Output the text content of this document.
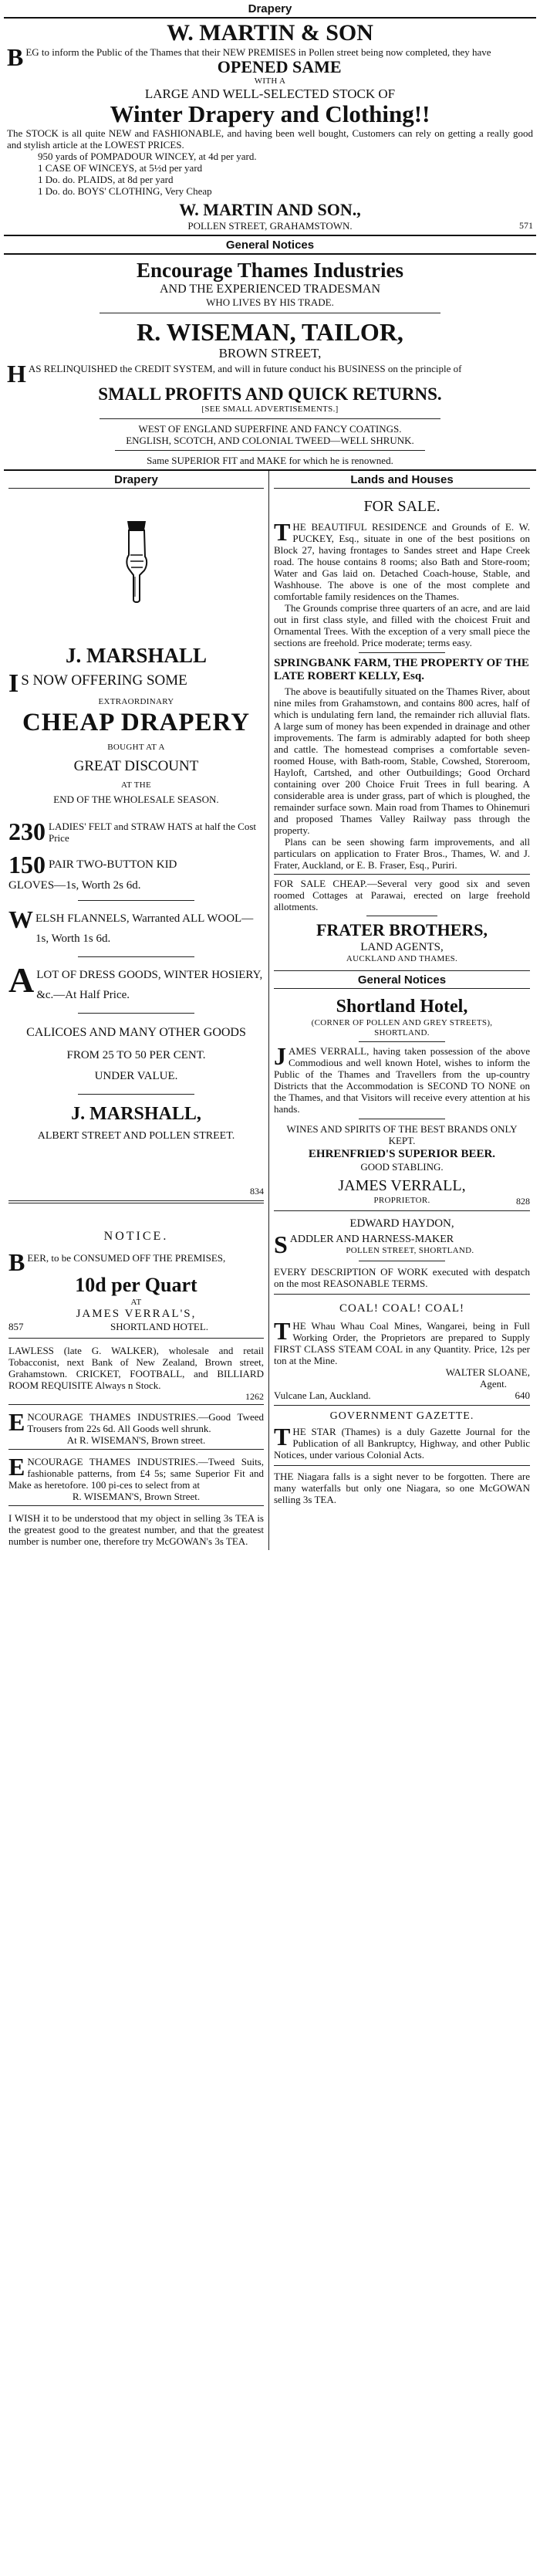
Drapery
W. MARTIN & SON

BEG to inform the Public of the Thames that their NEW PREMISES in Pollen street being now completed, they have

OPENED SAME
WITH A
LARGE AND WELL-SELECTED STOCK OF
Winter Drapery and Clothing!!

The STOCK is all quite NEW and FASHIONABLE, and having been well bought, Customers can rely on getting a really good and stylish article at the LOWEST PRICES.

950 yards of POMPADOUR WINCEY, at 4d per yard.
1 CASE OF WINCEYS, at 5½d per yard
1 Do. do. PLAIDS, at 8d per yard
1 Do. do. BOYS' CLOTHING, Very Cheap
W. MARTIN AND SON.,
POLLEN STREET, GRAHAMSTOWN.	571
General Notices
Encourage Thames Industries
AND THE EXPERIENCED TRADESMAN
WHO LIVES BY HIS TRADE.
R. WISEMAN, TAILOR,
BROWN STREET,

HAS RELINQUISHED the CREDIT SYSTEM, and will in future conduct his BUSINESS on the principle of

SMALL PROFITS AND QUICK RETURNS.
[SEE SMALL ADVERTISEMENTS.]
WEST OF ENGLAND SUPERFINE AND FANCY COATINGS.
ENGLISH, SCOTCH, AND COLONIAL TWEED—WELL SHRUNK.
Same SUPERIOR FIT and MAKE for which he is renowned.
Drapery
J. MARSHALL

I S NOW OFFERING SOME

EXTRAORDINARY
CHEAP DRAPERY
BOUGHT AT A
GREAT DISCOUNT
AT THE
END OF THE WHOLESALE SEASON.
230 LADIES' FELT and STRAW HATS at half the Cost Price
150 PAIR TWO-BUTTON KID
GLOVES—1s, Worth 2s 6d.

WELSH FLANNELS, Warranted ALL WOOL—1s, Worth 1s 6d.

ALOT OF DRESS GOODS, WINTER HOSIERY, &c.—At Half Price.

CALICOES AND MANY OTHER GOODS
FROM 25 TO 50 PER CENT.
UNDER VALUE.
J. MARSHALL,
ALBERT STREET AND POLLEN STREET.
834
NOTICE.

BEER, to be CONSUMED OFF THE PREMISES,

10d per Quart
AT
JAMES VERRAL'S,
857	SHORTLAND HOTEL.

LAWLESS (late G. WALKER), wholesale and retail Tobacconist, next Bank of New Zealand, Brown street, Grahamstown. CRICKET, FOOTBALL, and BILLIARD ROOM REQUISITE Always n Stock.

1262

ENCOURAGE THAMES INDUSTRIES.—Good Tweed Trousers from 22s 6d. All Goods well shrunk.

At R. WISEMAN'S, Brown street.

ENCOURAGE THAMES INDUSTRIES.—Tweed Suits, fashionable patterns, from £4 5s; same Superior Fit and Make as heretofore. 100 pi-ces to select from at

R. WISEMAN'S, Brown Street.

I WISH it to be understood that my object in selling 3s TEA is the greatest good to the greatest number, and that the greatest number is number one, therefore try McGOWAN's 3s TEA.

Lands and Houses
FOR SALE.

THE BEAUTIFUL RESIDENCE and Grounds of E. W. PUCKEY, Esq., situate in one of the best positions on Block 27, having frontages to Sandes street and Hape Creek road. The house contains 8 rooms; also Bath and Store-room; Water and Gas laid on. Detached Coach-house, Stable, and Washhouse. The above is one of the most complete and comfortable family residences on the Thames.

The Grounds comprise three quarters of an acre, and are laid out in first class style, and filled with the choicest Fruit and Ornamental Trees. With the exception of a very small piece the sections are freehold. Price moderate; terms easy.

SPRINGBANK FARM, THE PROPERTY OF THE LATE ROBERT KELLY, Esq.

The above is beautifully situated on the Thames River, about nine miles from Grahamstown, and contains 800 acres, half of which is undulating fern land, the remainder rich alluvial flats. A large sum of money has been expended in drainage and other improvements. The farm is admirably adapted for both sheep and cattle. The homestead comprises a comfortable seven-roomed House, with Bath-room, Stable, Cowshed, Storeroom, Hayloft, Cartshed, and other Outbuildings; Good Orchard containing over 200 Choice Fruit Trees in full bearing. A considerable area is under grass, part of which is ploughed, the remainder surface sown. Main road from Thames to Ohinemuri and proposed Thames Valley Railway pass through the property.

Plans can be seen showing farm improvements, and all particulars on application to Frater Bros., Thames, W. and J. Frater, Auckland, or E. B. Fraser, Esq., Puriri.

FOR SALE CHEAP.—Several very good six and seven roomed Cottages at Parawai, erected on large freehold allotments.

FRATER BROTHERS,
LAND AGENTS,
AUCKLAND AND THAMES.
General Notices
Shortland Hotel,
(CORNER OF POLLEN AND GREY STREETS),
SHORTLAND.

JAMES VERRALL, having taken possession of the above Commodious and well known Hotel, wishes to inform the Public of the Thames and Travellers from the up-country Districts that the Accommodation is SECOND TO NONE on the Thames, and that Visitors will receive every attention at his hands.

WINES AND SPIRITS OF THE BEST BRANDS ONLY KEPT.
EHRENFRIED'S SUPERIOR BEER.
GOOD STABLING.
JAMES VERRALL,
PROPRIETOR.	828
EDWARD HAYDON,

SADDLER AND HARNESS-MAKER

POLLEN STREET, SHORTLAND.

EVERY DESCRIPTION OF WORK executed with despatch on the most REASONABLE TERMS.

COAL! COAL! COAL!

THE Whau Whau Coal Mines, Wangarei, being in Full Working Order, the Proprietors are prepared to Supply FIRST CLASS STEAM COAL in any Quantity. Price, 12s per ton at the Mine.

WALTER SLOANE,
Agent.
Vulcane Lan, Auckland.	640
GOVERNMENT GAZETTE.

THE STAR (Thames) is a duly Gazette Journal for the Publication of all Bankruptcy, Highway, and other Public Notices, under various Colonial Acts.

THE Niagara falls is a sight never to be forgotten. There are many waterfalls but only one Niagara, so one McGOWAN selling 3s TEA.
